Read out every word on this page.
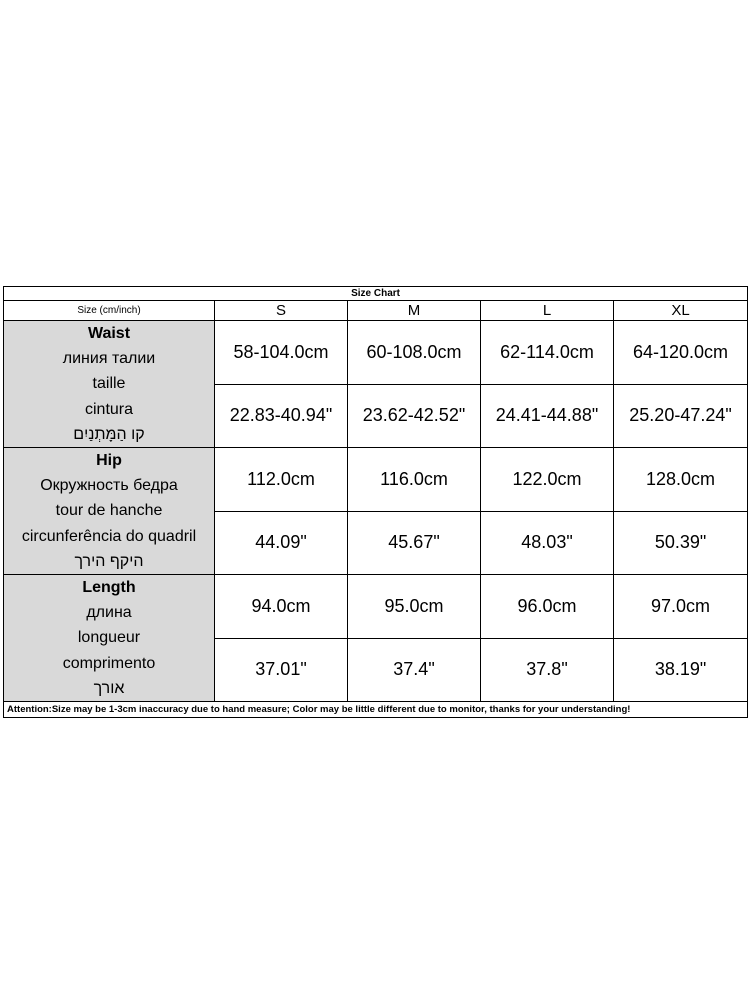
Size Chart				
Size (cm/inch)	S	M	L	XL

Waist
линия талии
taille
cintura
קו הַמָּתְנַיִם	58-104.0cm	60-108.0cm	62-114.0cm	64-120.0cm
	22.83-40.94"	23.62-42.52"	24.41-44.88"	25.20-47.24"

Hip
Окружность бедра
tour de hanche
circunferência do quadril
היקף הירך	112.0cm	116.0cm	122.0cm	128.0cm
	44.09"	45.67"	48.03"	50.39"

Length
длина
longueur
comprimento
אורך	94.0cm	95.0cm	96.0cm	97.0cm
	37.01"	37.4"	37.8"	38.19"
Attention:Size may be 1-3cm inaccuracy due to hand measure; Color may be little different due to monitor, thanks for your understanding!				
